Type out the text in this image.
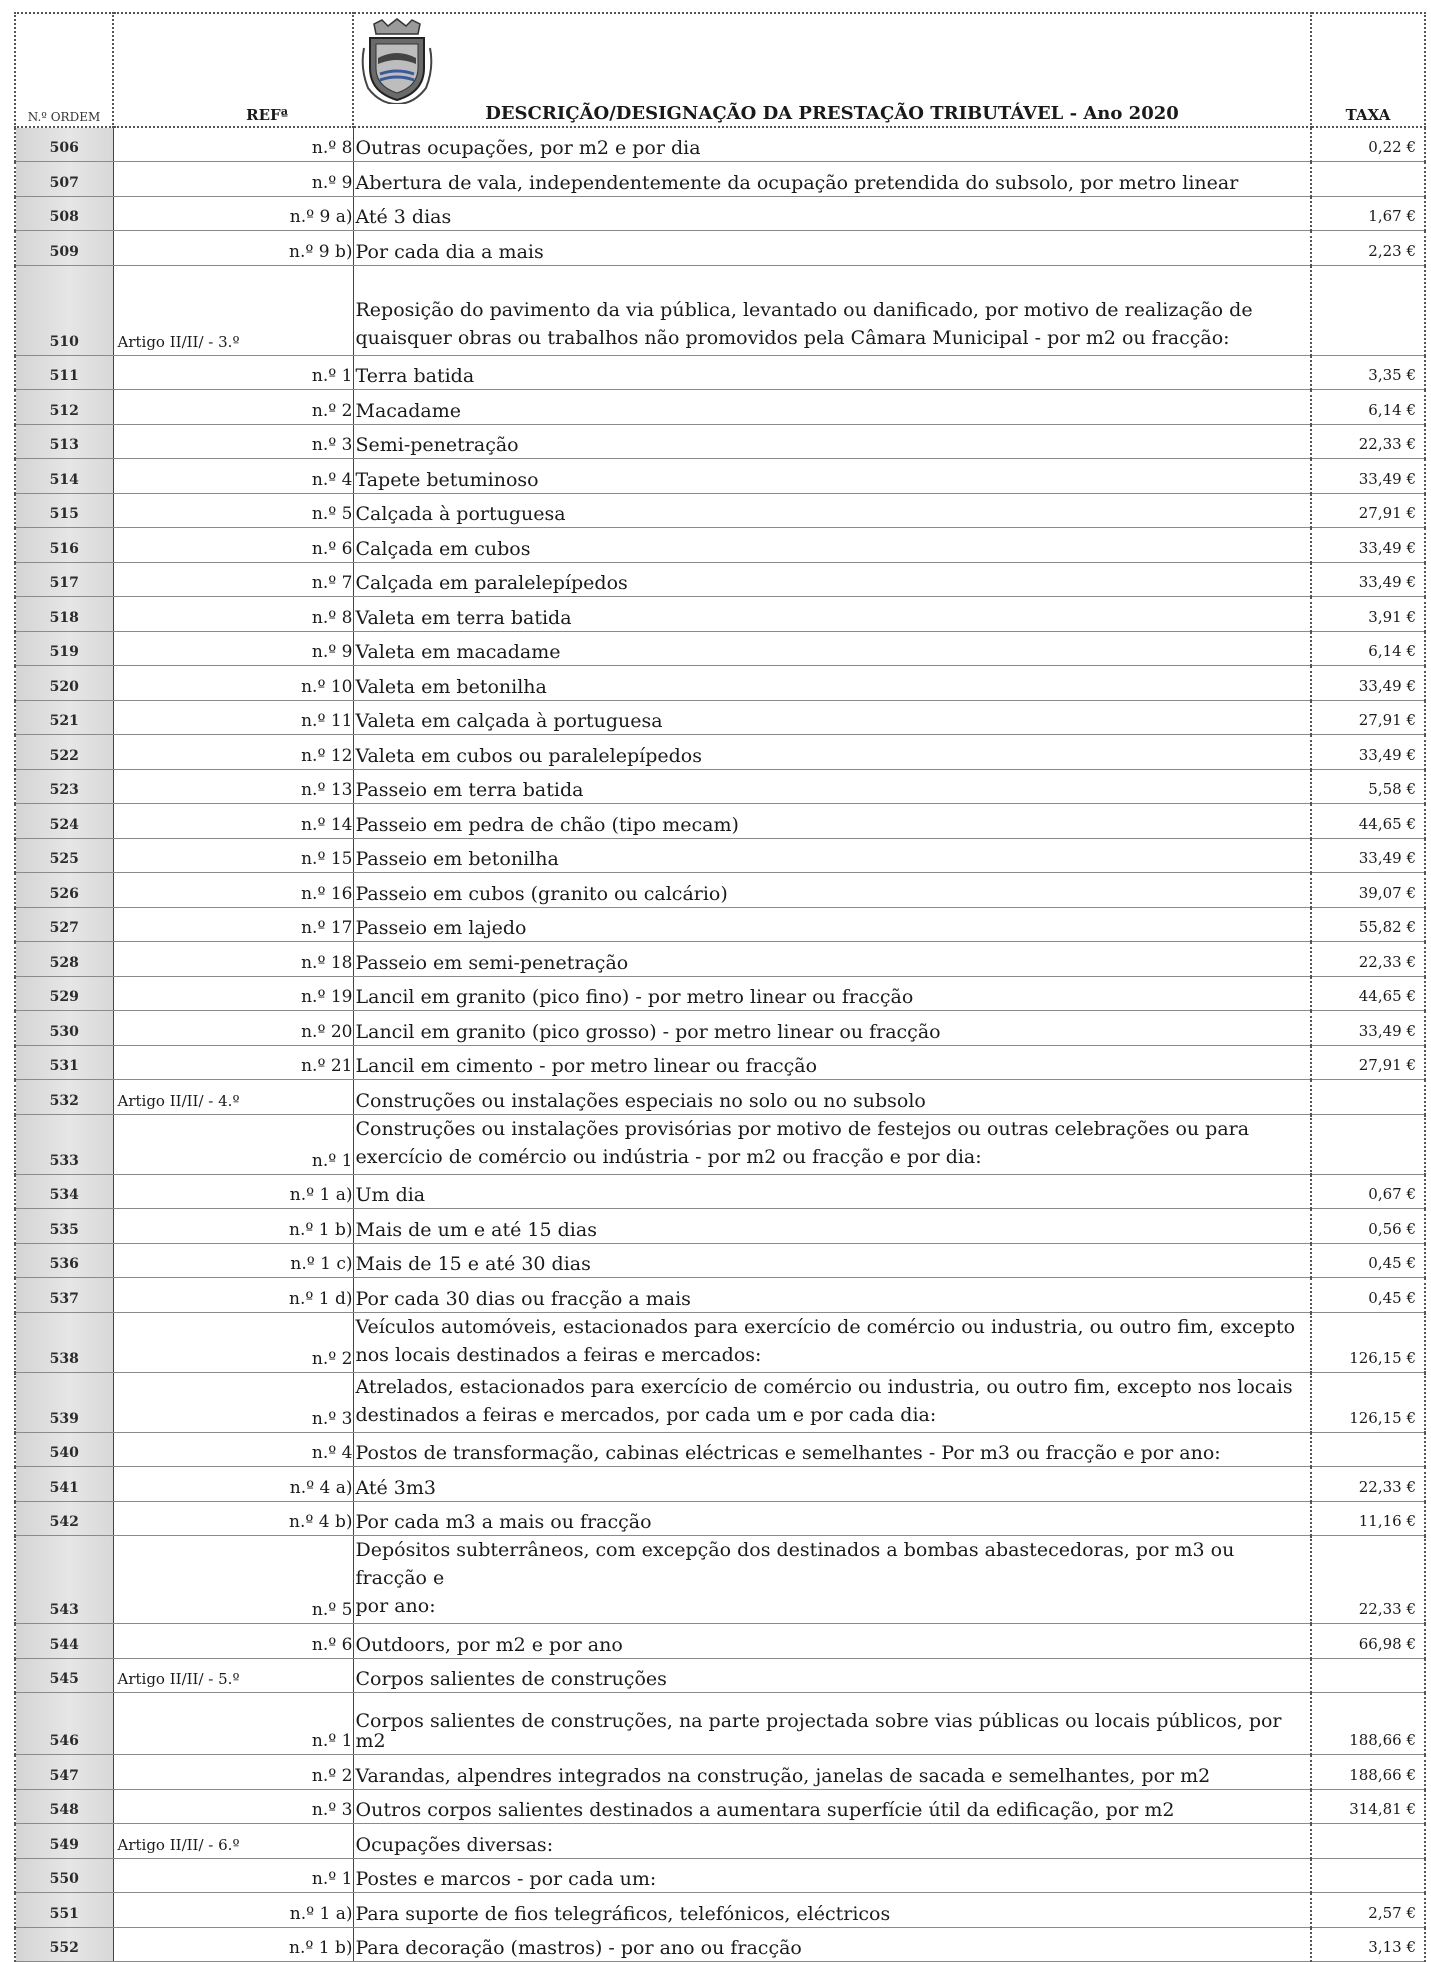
N.º ORDEM	REFª	DESCRIÇÃO/DESIGNAÇÃO DA PRESTAÇÃO TRIBUTÁVEL - Ano 2020	TAXA
506	n.º 8	Outras ocupações, por m2 e por dia	0,22 €
507	n.º 9	Abertura de vala, independentemente da ocupação pretendida do subsolo, por metro linear	

508	n.º 9 a)	Até 3 dias	1,67 €
509	n.º 9 b)	Por cada dia a mais	2,23 €
510	Artigo II/II/ - 3.º	Reposição do pavimento da via pública, levantado ou danificado, por motivo de realização de
quaisquer obras ou trabalhos não promovidos pela Câmara Municipal - por m2 ou fracção:	

511	n.º 1	Terra batida	3,35 €
512	n.º 2	Macadame	6,14 €
513	n.º 3	Semi-penetração	22,33 €
514	n.º 4	Tapete betuminoso	33,49 €
515	n.º 5	Calçada à portuguesa	27,91 €
516	n.º 6	Calçada em cubos	33,49 €
517	n.º 7	Calçada em paralelepípedos	33,49 €
518	n.º 8	Valeta em terra batida	3,91 €
519	n.º 9	Valeta em macadame	6,14 €
520	n.º 10	Valeta em betonilha	33,49 €
521	n.º 11	Valeta em calçada à portuguesa	27,91 €
522	n.º 12	Valeta em cubos ou paralelepípedos	33,49 €
523	n.º 13	Passeio em terra batida	5,58 €
524	n.º 14	Passeio em pedra de chão (tipo mecam)	44,65 €
525	n.º 15	Passeio em betonilha	33,49 €
526	n.º 16	Passeio em cubos (granito ou calcário)	39,07 €
527	n.º 17	Passeio em lajedo	55,82 €
528	n.º 18	Passeio em semi-penetração	22,33 €
529	n.º 19	Lancil em granito (pico fino) - por metro linear ou fracção	44,65 €
530	n.º 20	Lancil em granito (pico grosso) - por metro linear ou fracção	33,49 €
531	n.º 21	Lancil em cimento - por metro linear ou fracção	27,91 €
532	Artigo II/II/ - 4.º	Construções ou instalações especiais no solo ou no subsolo	

533	n.º 1	Construções ou instalações provisórias por motivo de festejos ou outras celebrações ou para
exercício de comércio ou indústria - por m2 ou fracção e por dia:	

534	n.º 1 a)	Um dia	0,67 €
535	n.º 1 b)	Mais de um e até 15 dias	0,56 €
536	n.º 1 c)	Mais de 15 e até 30 dias	0,45 €
537	n.º 1 d)	Por cada 30 dias ou fracção a mais	0,45 €
538	n.º 2	Veículos automóveis, estacionados para exercício de comércio ou industria, ou outro fim, excepto
nos locais destinados a feiras e mercados:	126,15 €
539	n.º 3	Atrelados, estacionados para exercício de comércio ou industria, ou outro fim, excepto nos locais
destinados a feiras e mercados, por cada um e por cada dia:	126,15 €
540	n.º 4	Postos de transformação, cabinas eléctricas e semelhantes - Por m3 ou fracção e por ano:	

541	n.º 4 a)	Até 3m3	22,33 €
542	n.º 4 b)	Por cada m3 a mais ou fracção	11,16 €
543	n.º 5	Depósitos subterrâneos, com excepção dos destinados a bombas abastecedoras, por m3 ou fracção e
por ano:	22,33 €
544	n.º 6	Outdoors, por m2 e por ano	66,98 €
545	Artigo II/II/ - 5.º	Corpos salientes de construções	

546	n.º 1	Corpos salientes de construções, na parte projectada sobre vias públicas ou locais públicos, por m2	188,66 €
547	n.º 2	Varandas, alpendres integrados na construção, janelas de sacada e semelhantes, por m2	188,66 €
548	n.º 3	Outros corpos salientes destinados a aumentara superfície útil da edificação, por m2	314,81 €
549	Artigo II/II/ - 6.º	Ocupações diversas:	

550	n.º 1	Postes e marcos - por cada um:	

551	n.º 1 a)	Para suporte de fios telegráficos, telefónicos, eléctricos	2,57 €
552	n.º 1 b)	Para decoração (mastros) - por ano ou fracção	3,13 €
